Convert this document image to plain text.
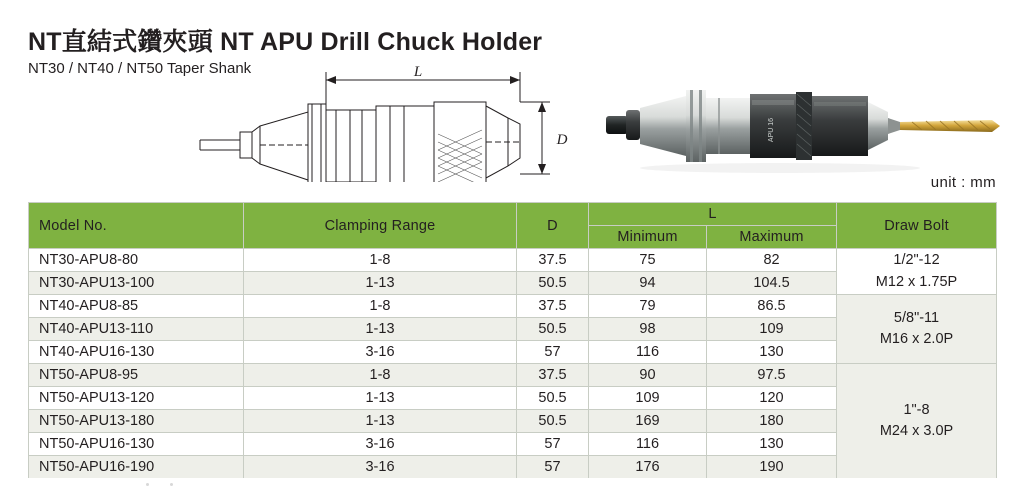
NT直結式鑽夾頭 NT APU Drill Chuck Holder
NT30 / NT40 / NT50 Taper Shank	L
D	APU 16
unit : mm
Model No.	Clamping Range	D	L		Draw Bolt
			Minimum	Maximum	
NT30-APU8-80	1-8	37.5	75	82	1/2"-12
M12 x 1.75P

NT30-APU13-100	1-13	50.5	94	104.5	
NT40-APU8-85	1-8	37.5	79	86.5	5/8"-11
M16 x 2.0P

NT40-APU13-110	1-13	50.5	98	109	
NT40-APU16-130	3-16	57	116	130	
NT50-APU8-95	1-8	37.5	90	97.5	1"-8
M24 x 3.0P

NT50-APU13-120	1-13	50.5	109	120	
NT50-APU13-180	1-13	50.5	169	180	
NT50-APU16-130	3-16	57	116	130	
NT50-APU16-190	3-16	57	176	190	
